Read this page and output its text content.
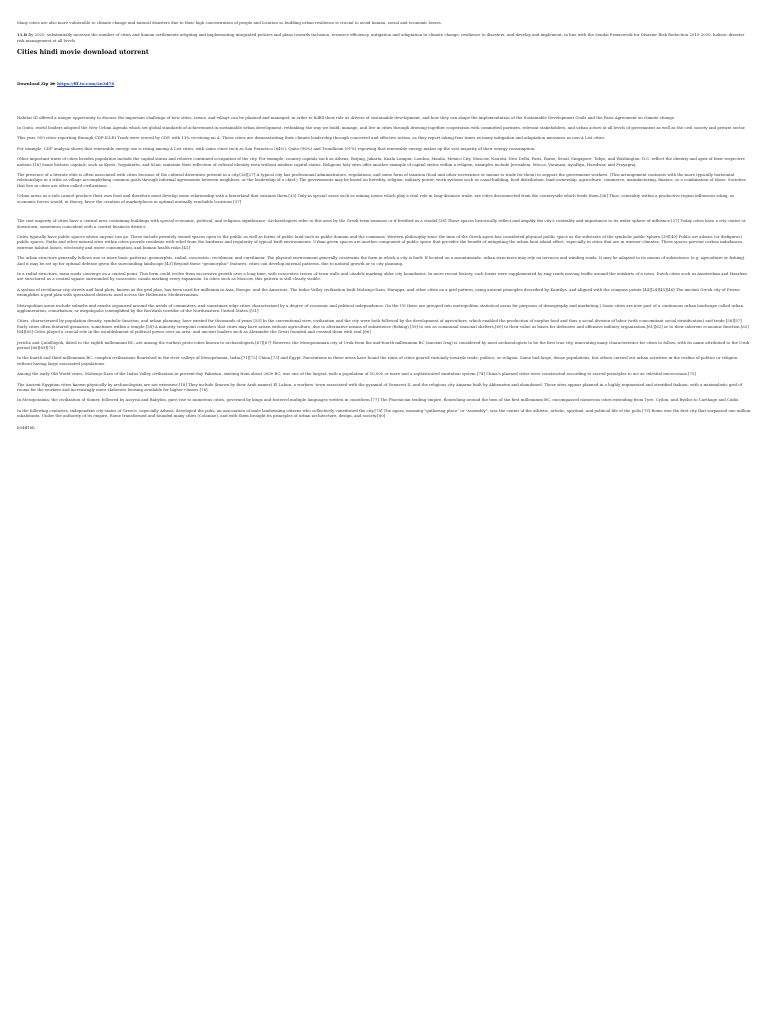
Many cities are also more vulnerable to climate change and natural disasters due to their high concentration of people and location so building urban resilience is crucial to avoid human, social and economic losses.

11.B By 2020, substantially increase the number of cities and human settlements adopting and implementing integrated policies and plans towards inclusion, resource efficiency, mitigation and adaptation to climate change, resilience to disasters, and develop and implement, in line with the Sendai Framework for Disaster Risk Reduction 2015-2030, holistic disaster risk management at all levels

Cities hindi movie download utorrent
Download Zip ⋙ https://fff.to.com/2n3d78

Habitat III offered a unique opportunity to discuss the important challenge of how cities, towns, and village can be planned and managed, in order to fulfill their role as drivers of sustainable development, and how they can shape the implementation of the Sustainable Development Goals and the Paris Agreement on climate change.

In Quito, world leaders adopted the New Urban Agenda which set global standards of achievement in sustainable urban development, rethinking the way we build, manage, and live in cities through drawing together cooperation with committed partners, relevant stakeholders, and urban actors at all levels of government as well as the civil society and private sector.

This year, 959 cities reporting through CDP-ICLEI Track were scored by CDP, with 13% receiving an A. These cities are demonstrating their climate leadership through concerted and effective action, as they report taking four times as many mitigation and adaptation measures as non-A List cities.

For example, CDP analysis shows that renewable energy use is rising among A List cities, with some cities such as San Francisco (84%), Quito (96%) and Trondheim (91%) reporting that renewable energy makes up the vast majority of their energy consumption.

Other important traits of cities besides population include the capital status and relative continued occupation of the city. For example, country capitals such as Athens, Beijing, Jakarta, Kuala Lumpur, London, Manila, Mexico City, Moscow, Nairobi, New Delhi, Paris, Rome, Seoul, Singapore, Tokyo, and Washington, D.C. reflect the identity and apex of their respective nations.[16] Some historic capitals, such as Kyoto, Yogyakarta, and Xi'an, maintain their reflection of cultural identity even without modern capital status. Religious holy sites offer another example of capital status within a religion; examples include Jerusalem, Mecca, Varanasi, Ayodhya, Haridwar, and Prayagraj.

The presence of a literate elite is often associated with cities because of the cultural diversities present in a city.[26][27] A typical city has professional administrators, regulations, and some form of taxation (food and other necessities or means to trade for them) to support the government workers. (This arrangement contrasts with the more typically horizontal relationships in a tribe or village accomplishing common goals through informal agreements between neighbors, or the leadership of a chief.) The governments may be based on heredity, religion, military power, work systems such as canal-building, food distribution, land-ownership, agriculture, commerce, manufacturing, finance, or a combination of those. Societies that live in cities are often called civilizations.

Urban areas as a rule cannot produce their own food and therefore must develop some relationship with a hinterland that sustains them.[35] Only in special cases such as mining towns which play a vital role in long-distance trade, are cities disconnected from the countryside which feeds them.[36] Thus, centrality within a productive region influences siting, as economic forces would, in theory, favor the creation of marketplaces in optimal mutually reachable locations.[37]

The vast majority of cities have a central area containing buildings with special economic, political, and religious significance. Archaeologists refer to this area by the Greek term temenos or if fortified as a citadel.[38] These spaces historically reflect and amplify the city's centrality and importance to its wider sphere of influence.[37] Today cities have a city center or downtown, sometimes coincident with a central business district.

Cities typically have public spaces where anyone can go. These include privately owned spaces open to the public as well as forms of public land such as public domain and the commons. Western philosophy since the time of the Greek agora has considered physical public space as the substrate of the symbolic public sphere.[39][40] Public art adorns (or disfigures) public spaces. Parks and other natural sites within cities provide residents with relief from the hardness and regularity of typical built environments. Urban green spaces are another component of public space that provides the benefit of mitigating the urban heat island effect, especially in cities that are in warmer climates. These spaces prevent carbon imbalances, extreme habitat losses, electricity and water consumption, and human health risks.[41]

The urban structure generally follows one or more basic patterns: geomorphic, radial, concentric, rectilinear, and curvilinear. The physical environment generally constrains the form in which a city is built. If located on a mountainside, urban structures may rely on terraces and winding roads. It may be adapted to its means of subsistence (e.g. agriculture or fishing). And it may be set up for optimal defense given the surrounding landscape.[43] Beyond these "geomorphic" features, cities can develop internal patterns, due to natural growth or to city planning.

In a radial structure, main roads converge on a central point. This form could evolve from successive growth over a long time, with concentric traces of town walls and citadels marking older city boundaries. In more recent history, such forms were supplemented by ring roads moving traffic around the outskirts of a town. Dutch cities such as Amsterdam and Haarlem are structured as a central square surrounded by concentric canals marking every expansion. In cities such as Moscow, this pattern is still clearly visible.

A system of rectilinear city streets and land plots, known as the grid plan, has been used for millennia in Asia, Europe, and the Americas. The Indus Valley civilization built Mohenjo-Daro, Harappa, and other cities on a grid pattern, using ancient principles described by Kautilya, and aligned with the compass points.[44][24][45][46] The ancient Greek city of Priene exemplifies a grid plan with specialized districts used across the Hellenistic Mediterranean.

Metropolitan areas include suburbs and exurbs organized around the needs of commuters, and sometimes edge cities characterized by a degree of economic and political independence. (In the US these are grouped into metropolitan statistical areas for purposes of demography and marketing.) Some cities are now part of a continuous urban landscape called urban agglomeration, conurbation, or megalopolis (exemplified by the BosWash corridor of the Northeastern United States.)[51]

Cities, characterized by population density, symbolic function, and urban planning, have existed for thousands of years.[55] In the conventional view, civilization and the city were both followed by the development of agriculture, which enabled the production of surplus food and thus a social division of labor (with concomitant social stratification) and trade.[56][57] Early cities often featured granaries, sometimes within a temple.[58] A minority viewpoint considers that cities may have arisen without agriculture, due to alternative means of subsistence (fishing),[59] to use as communal seasonal shelters,[60] to their value as bases for defensive and offensive military organization,[61][62] or to their inherent economic function.[63][64][65] Cities played a crucial role in the establishment of political power over an area, and ancient leaders such as Alexander the Great founded and created them with zeal.[66]

Jericho and Çatalhöyük, dated to the eighth millennium BC, are among the earliest proto-cities known to archaeologists.[67][67] However, the Mesopotamian city of Uruk from the mid-fourth millennium BC (ancient Iraq) is considered by most archaeologists to be the first true city, innovating many characteristics for cities to follow, with its name attributed to the Uruk period.[68][69][70]

In the fourth and third millennium BC, complex civilizations flourished in the river valleys of Mesopotamia, India,[71][72] China,[73] and Egypt. Excavations in these areas have found the ruins of cities geared variously towards trade, politics, or religion. Some had large, dense populations, but others carried out urban activities in the realms of politics or religion without having large associated populations.

Among the early Old World cities, Mohenjo-Daro of the Indus Valley civilization in present-day Pakistan, existing from about 2600 BC, was one of the largest, with a population of 50,000 or more and a sophisticated sanitation system.[74] China's planned cities were constructed according to sacred principles to act as celestial microcosms.[75]

The Ancient Egyptian cities known physically by archaeologists are not extensive.[18] They include (known by their Arab names) El Lahun, a workers' town associated with the pyramid of Senusret II, and the religious city Amarna built by Akhenaten and abandoned. These sites appear planned in a highly regimented and stratified fashion, with a minimalistic grid of rooms for the workers and increasingly more elaborate housing available for higher classes.[76]

In Mesopotamia, the civilization of Sumer, followed by Assyria and Babylon, gave rise to numerous cities, governed by kings and fostered multiple languages written in cuneiform.[77] The Phoenician trading empire, flourishing around the turn of the first millennium BC, encompassed numerous cities extending from Tyre, Cydon, and Byblos to Carthage and Cádiz.

In the following centuries, independent city-states of Greece, especially Athens, developed the polis, an association of male landowning citizens who collectively constituted the city.[78] The agora, meaning "gathering place" or "assembly", was the center of the athletic, artistic, spiritual, and political life of the polis.[79] Rome was the first city that surpassed one million inhabitants. Under the authority of its empire, Rome transformed and founded many cities (Coloniae), and with them brought its principles of urban architecture, design, and society.[80]

b54ff18b
